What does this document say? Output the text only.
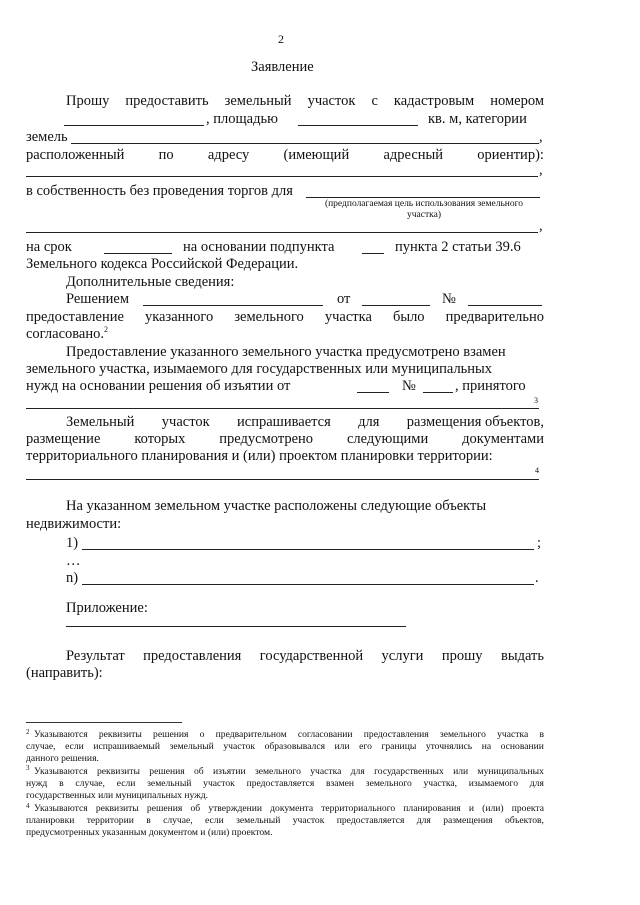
2
Заявление
Прошу предоставить земельный участок с кадастровым номером
, площадью	кв. м, категории
земель	,
расположенный по адресу (имеющий адресный ориентир):
,
в собственность без проведения торгов для
(предполагаемая цель использования земельного
участка)
,
на срок	на основании подпункта	пункта 2 статьи 39.6
Земельного кодекса Российской Федерации.
Дополнительные сведения:
Решением	от	№
предоставление указанного земельного участка было предварительно
согласовано.$^2$
Предоставление указанного земельного участка предусмотрено взамен
земельного участка, изымаемого для государственных или муниципальных
нужд на основании решения об изъятии от	№	, принятого
3
Земельный участок испрашивается для размещения объектов,
размещение которых предусмотрено следующими документами
территориального планирования и (или) проектом планировки территории:
4
На указанном земельном участке расположены следующие объекты
недвижимости:
1)	;
…
n)	.
Приложение:
Результат предоставления государственной услуги прошу выдать
(направить):
2 Указываются реквизиты решения о предварительном согласовании предоставления земельного участка в
случае, если испрашиваемый земельный участок образовывался или его границы уточнялись на основании
данного решения.
3 Указываются реквизиты решения об изъятии земельного участка для государственных или муниципальных
нужд в случае, если земельный участок предоставляется взамен земельного участка, изымаемого для
государственных или муниципальных нужд.
4 Указываются реквизиты решения об утверждении документа территориального планирования и (или) проекта
планировки территории в случае, если земельный участок предоставляется для размещения объектов,
предусмотренных указанным документом и (или) проектом.
